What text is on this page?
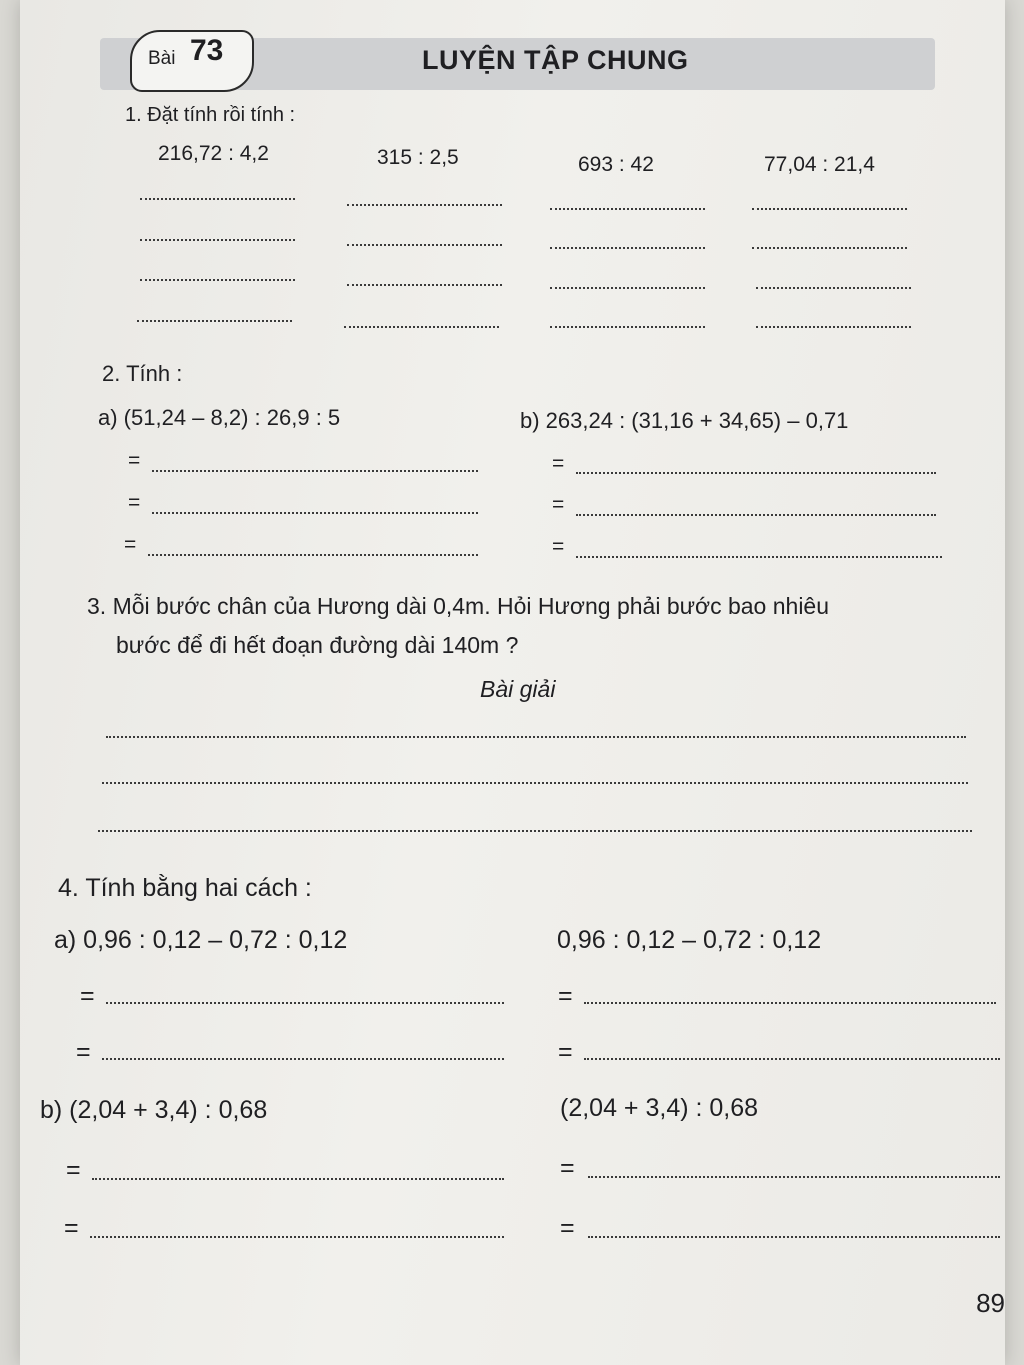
Bài 73	LUYỆN TẬP CHUNG
1. Đặt tính rồi tính :
216,72 : 4,2	315 : 2,5	693 : 42	77,04 : 21,4
2. Tính :
a) (51,24 – 8,2) : 26,9 : 5	b) 263,24 : (31,16 + 34,65) – 0,71
=
=
=
=
=
=
3. Mỗi bước chân của Hương dài 0,4m. Hỏi Hương phải bước bao nhiêu
bước để đi hết đoạn đường dài 140m ?
Bài giải
4. Tính bằng hai cách :
a) 0,96 : 0,12 – 0,72 : 0,12	0,96 : 0,12 – 0,72 : 0,12
=
=
=
=
b) (2,04 + 3,4) : 0,68	(2,04 + 3,4) : 0,68
=
=
=
=
89
